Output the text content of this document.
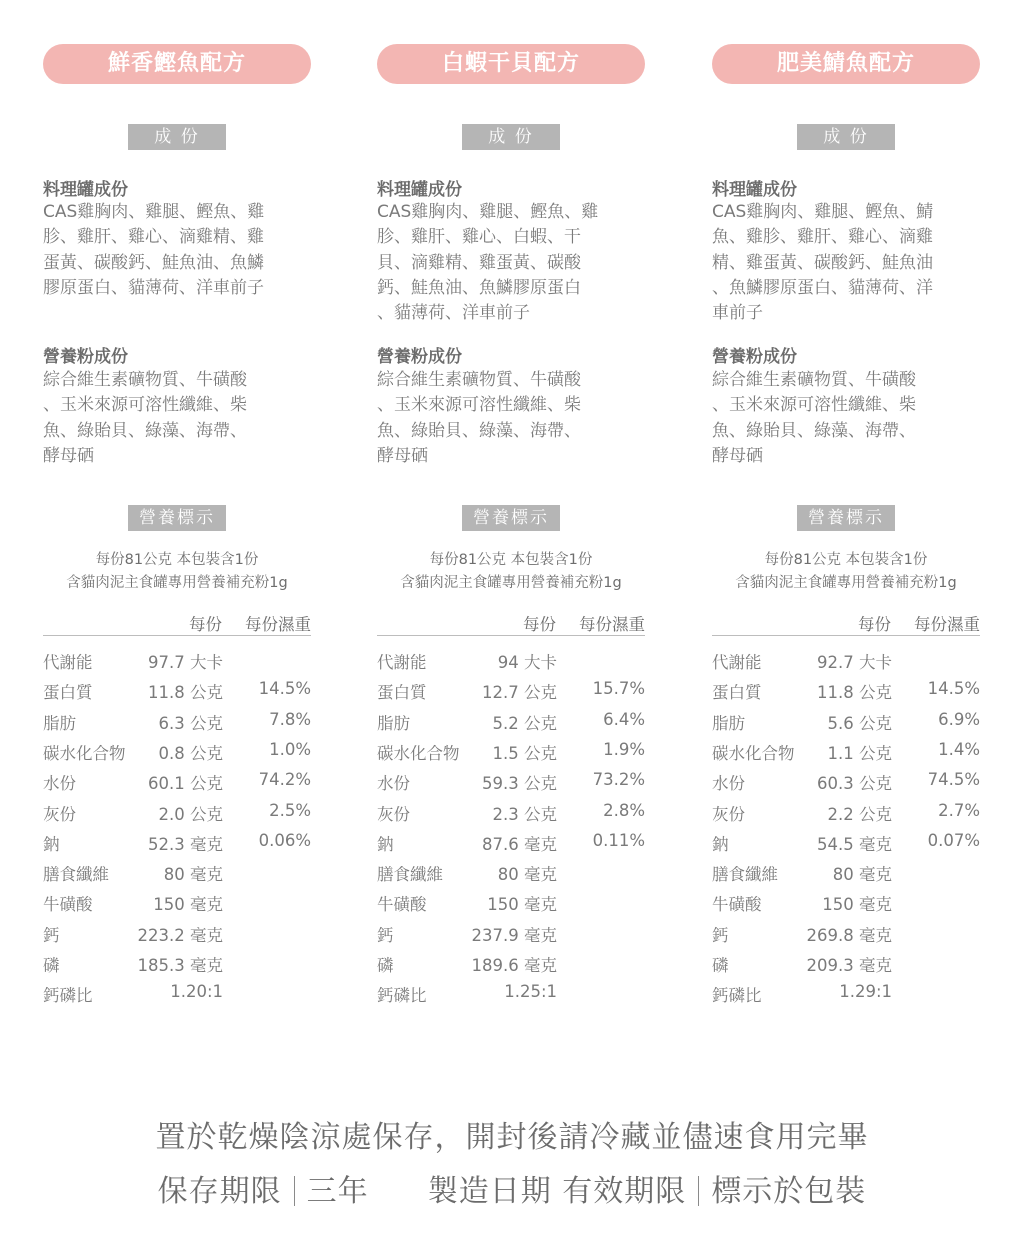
鮮香鰹魚配方
成 份
料理罐成份
CAS雞胸肉、雞腿、鰹魚、雞
胗、雞肝、雞心、滴雞精、雞
蛋黃、碳酸鈣、鮭魚油、魚鱗
膠原蛋白、貓薄荷、洋車前子
營養粉成份
綜合維生素礦物質、牛磺酸
、玉米來源可溶性纖維、柴
魚、綠貽貝、綠藻、海帶、
酵母硒
營養標示
每份81公克 本包裝含1份
含貓肉泥主食罐專用營養補充粉1g
每份 每份濕重
代謝能	97.7 大卡
蛋白質	11.8 公克 14.5%
脂肪	6.3 公克	7.8%
碳水化合物 0.8 公克	1.0%
水份	60.1 公克 74.2%
灰份	2.0 公克	2.5%
鈉	52.3 毫克 0.06%
膳食纖維	80 毫克
牛磺酸	150 毫克
鈣	223.2 毫克
磷	185.3 毫克
鈣磷比	1.20:1
白蝦干貝配方
成 份
料理罐成份
CAS雞胸肉、雞腿、鰹魚、雞
胗、雞肝、雞心、白蝦、干
貝、滴雞精、雞蛋黃、碳酸
鈣、鮭魚油、魚鱗膠原蛋白
、貓薄荷、洋車前子
營養粉成份
綜合維生素礦物質、牛磺酸
、玉米來源可溶性纖維、柴
魚、綠貽貝、綠藻、海帶、
酵母硒
營養標示
每份81公克 本包裝含1份
含貓肉泥主食罐專用營養補充粉1g
每份 每份濕重
代謝能	94 大卡
蛋白質	12.7 公克 15.7%
脂肪	5.2 公克	6.4%
碳水化合物 1.5 公克	1.9%
水份	59.3 公克 73.2%
灰份	2.3 公克	2.8%
鈉	87.6 毫克 0.11%
膳食纖維	80 毫克
牛磺酸	150 毫克
鈣	237.9 毫克
磷	189.6 毫克
鈣磷比	1.25:1
肥美鯖魚配方
成 份
料理罐成份
CAS雞胸肉、雞腿、鰹魚、鯖
魚、雞胗、雞肝、雞心、滴雞
精、雞蛋黃、碳酸鈣、鮭魚油
、魚鱗膠原蛋白、貓薄荷、洋
車前子
營養粉成份
綜合維生素礦物質、牛磺酸
、玉米來源可溶性纖維、柴
魚、綠貽貝、綠藻、海帶、
酵母硒
營養標示
每份81公克 本包裝含1份
含貓肉泥主食罐專用營養補充粉1g
每份 每份濕重
代謝能	92.7 大卡
蛋白質	11.8 公克 14.5%
脂肪	5.6 公克	6.9%
碳水化合物 1.1 公克	1.4%
水份	60.3 公克 74.5%
灰份	2.2 公克	2.7%
鈉	54.5 毫克 0.07%
膳食纖維	80 毫克
牛磺酸	150 毫克
鈣	269.8 毫克
磷	209.3 毫克
鈣磷比	1.29:1
置於乾燥陰涼處保存，開封後請冷藏並儘速食用完畢
保存期限 三年 製造日期 有效期限 標示於包裝
